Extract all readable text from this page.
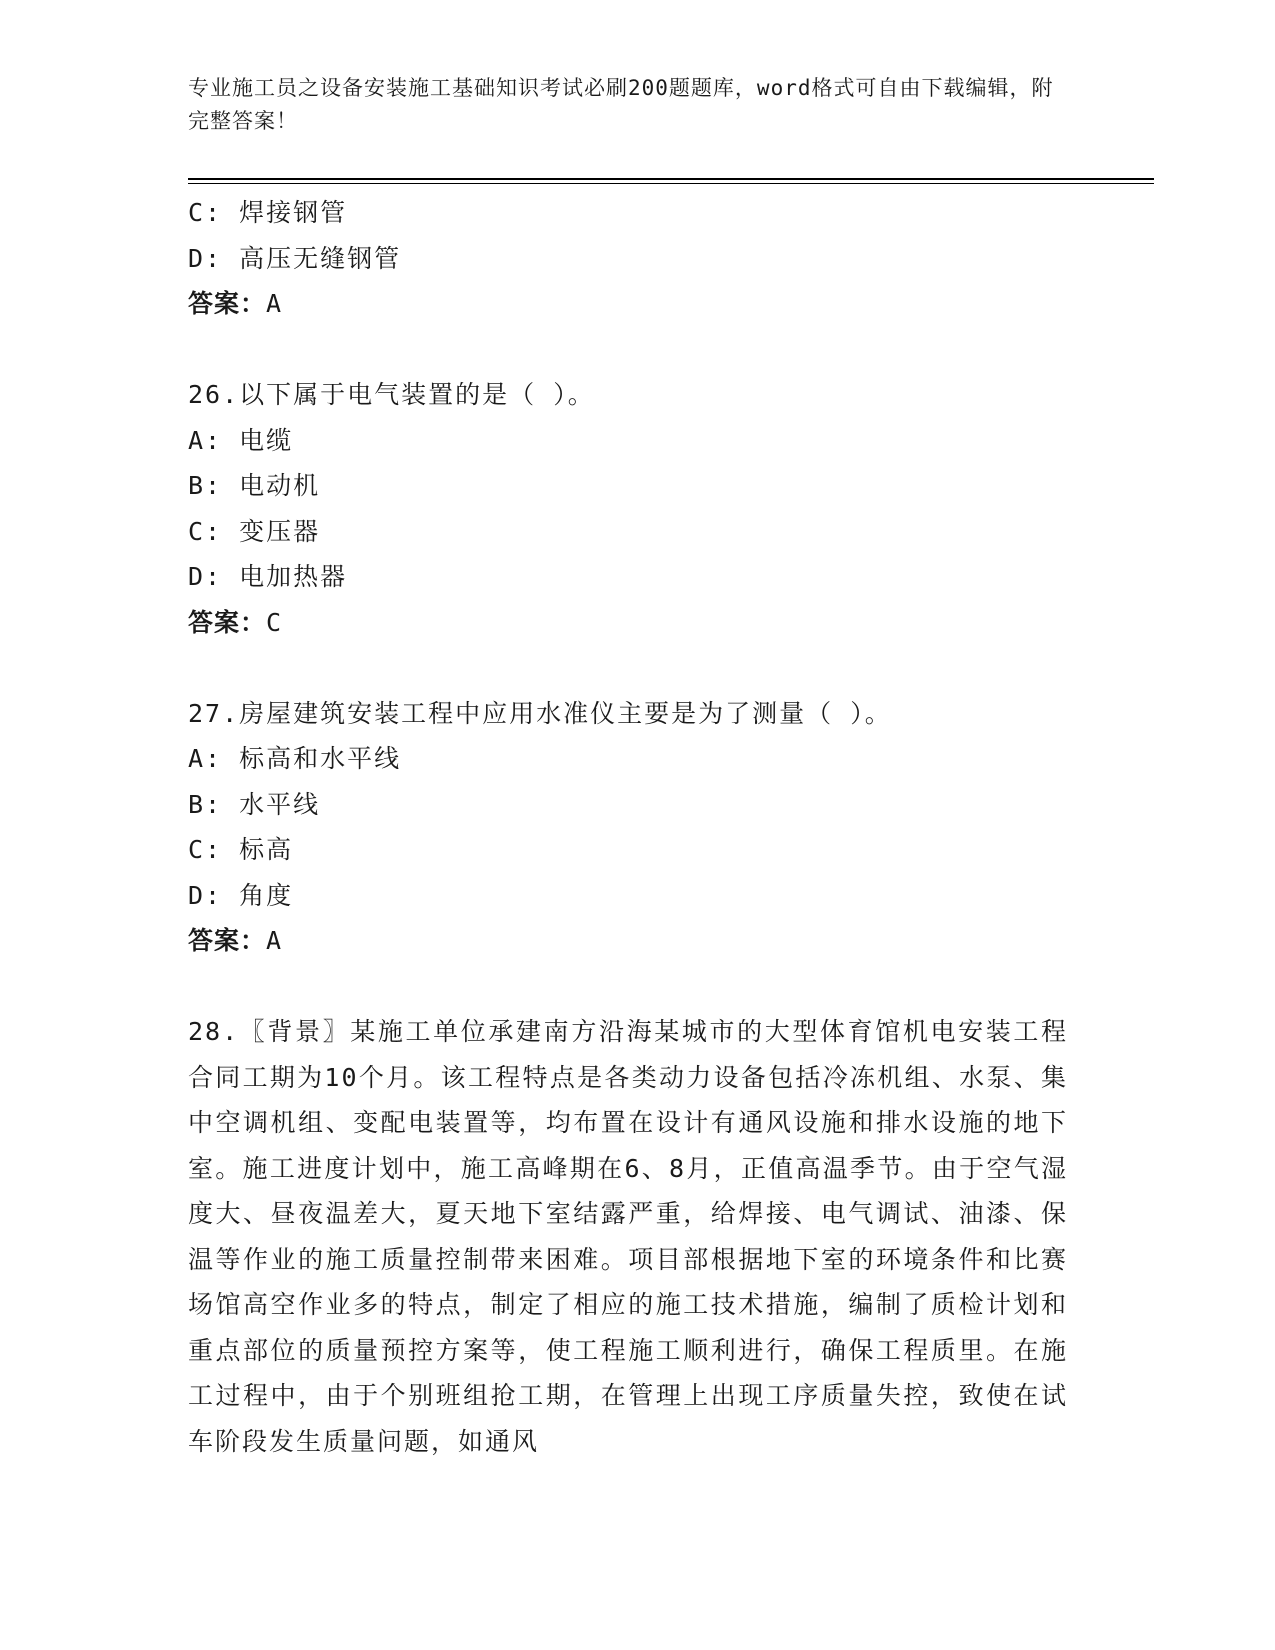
专业施工员之设备安装施工基础知识考试必刷200题题库，word格式可自由下载编辑，附完整答案！
C: 焊接钢管
D: 高压无缝钢管
答案：A
26.以下属于电气装置的是（ ）。
A: 电缆
B: 电动机
C: 变压器
D: 电加热器
答案：C
27.房屋建筑安装工程中应用水准仪主要是为了测量（ ）。
A: 标高和水平线
B: 水平线
C: 标高
D: 角度
答案：A
28.〖背景〗某施工单位承建南方沿海某城市的大型体育馆机电安装工程合同工期为10个月。该工程特点是各类动力设备包括冷冻机组、水泵、集中空调机组、变配电装置等，均布置在设计有通风设施和排水设施的地下室。施工进度计划中，施工高峰期在6、8月，正值高温季节。由于空气湿度大、昼夜温差大，夏天地下室结露严重，给焊接、电气调试、油漆、保温等作业的施工质量控制带来困难。项目部根据地下室的环境条件和比赛场馆高空作业多的特点，制定了相应的施工技术措施，编制了质检计划和重点部位的质量预控方案等，使工程施工顺利进行，确保工程质里。在施工过程中，由于个别班组抢工期，在管理上出现工序质量失控，致使在试车阶段发生质量问题，如通风
